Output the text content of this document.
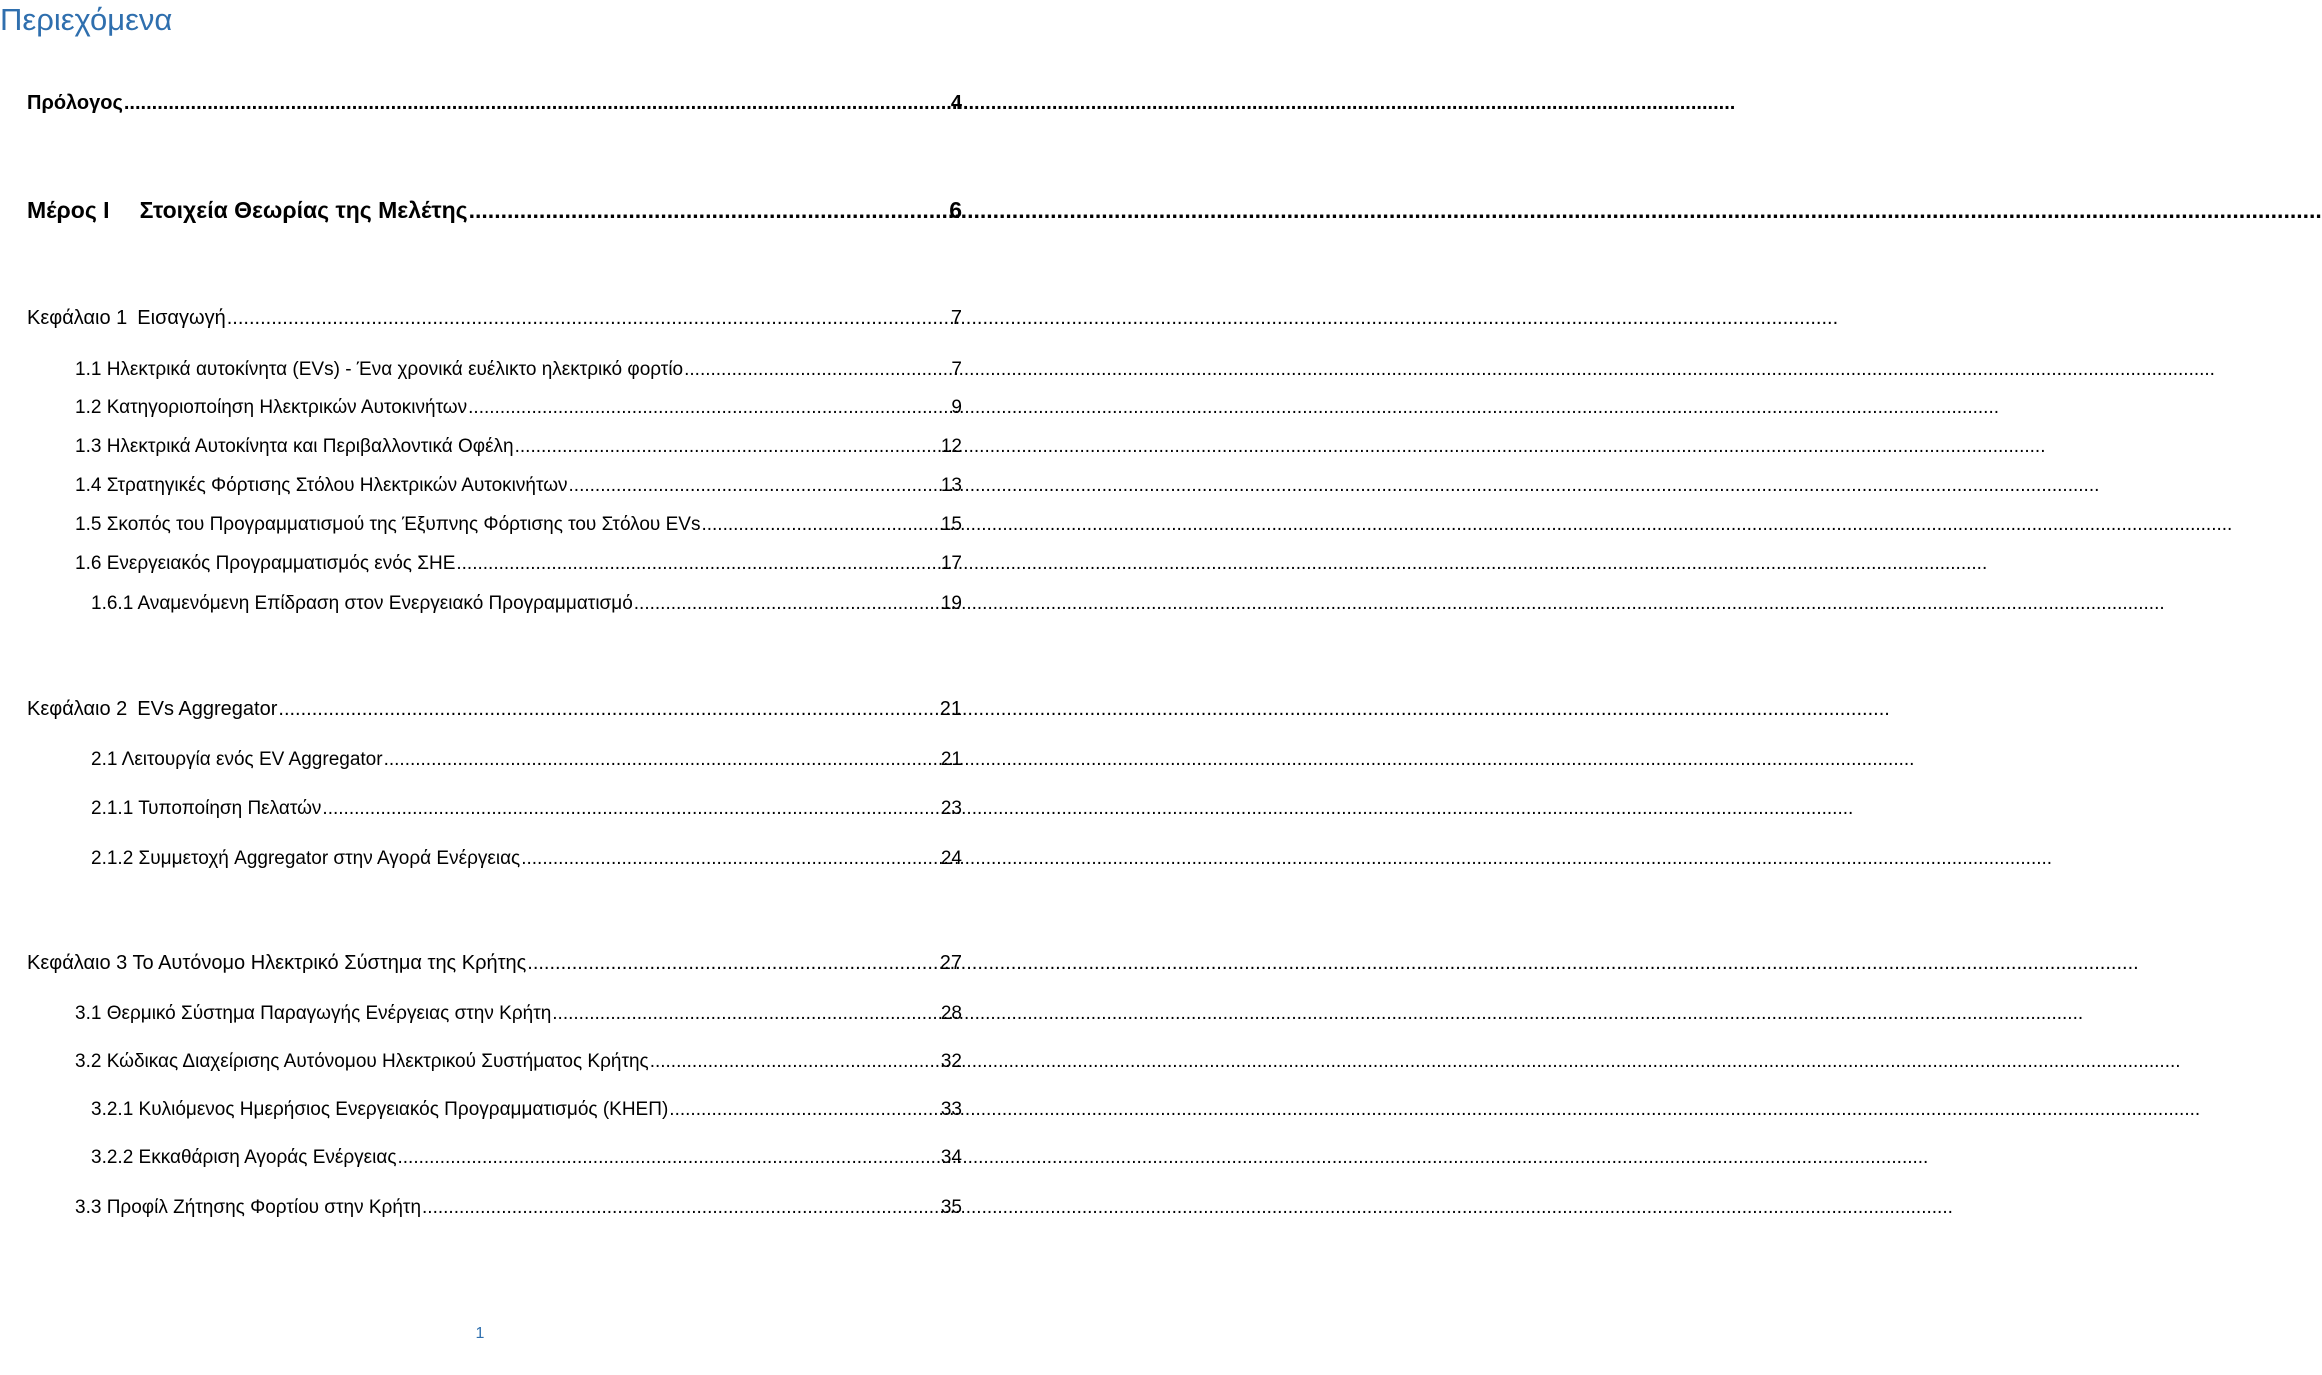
Περιεχόμενα
Πρόλογος .....	4
Μέρος Ι Στοιχεία Θεωρίας της Μελέτης .....	6
Κεφάλαιο 1 Εισαγωγή .....	7
1.1 Ηλεκτρικά αυτοκίνητα (EVs) - Ένα χρονικά ευέλικτο ηλεκτρικό φορτίο .....	7
1.2 Κατηγοριοποίηση Ηλεκτρικών Αυτοκινήτων .....	9
1.3 Ηλεκτρικά Αυτοκίνητα και Περιβαλλοντικά Οφέλη .....	12
1.4 Στρατηγικές Φόρτισης Στόλου Ηλεκτρικών Αυτοκινήτων .....	13
1.5 Σκοπός του Προγραμματισμού της Έξυπνης Φόρτισης του Στόλου EVs .....	15
1.6 Ενεργειακός Προγραμματισμός ενός ΣΗΕ .....	17
1.6.1 Αναμενόμενη Επίδραση στον Ενεργειακό Προγραμματισμό .....	19
Κεφάλαιο 2 EVs Aggregator .....	21
2.1 Λειτουργία ενός EV Aggregator .....	21
2.1.1 Τυποποίηση Πελατών .....	23
2.1.2 Συμμετοχή Aggregator στην Αγορά Ενέργειας .....	24
Κεφάλαιο 3 Το Αυτόνομο Ηλεκτρικό Σύστημα της Κρήτης .....	27
3.1 Θερμικό Σύστημα Παραγωγής Ενέργειας στην Κρήτη .....	28
3.2 Κώδικας Διαχείρισης Αυτόνομου Ηλεκτρικού Συστήματος Κρήτης .....	32
3.2.1 Κυλιόμενος Ημερήσιος Ενεργειακός Προγραμματισμός (ΚΗΕΠ) .....	33
3.2.2 Εκκαθάριση Αγοράς Ενέργειας .....	34
3.3 Προφίλ Ζήτησης Φορτίου στην Κρήτη .....	35
1
